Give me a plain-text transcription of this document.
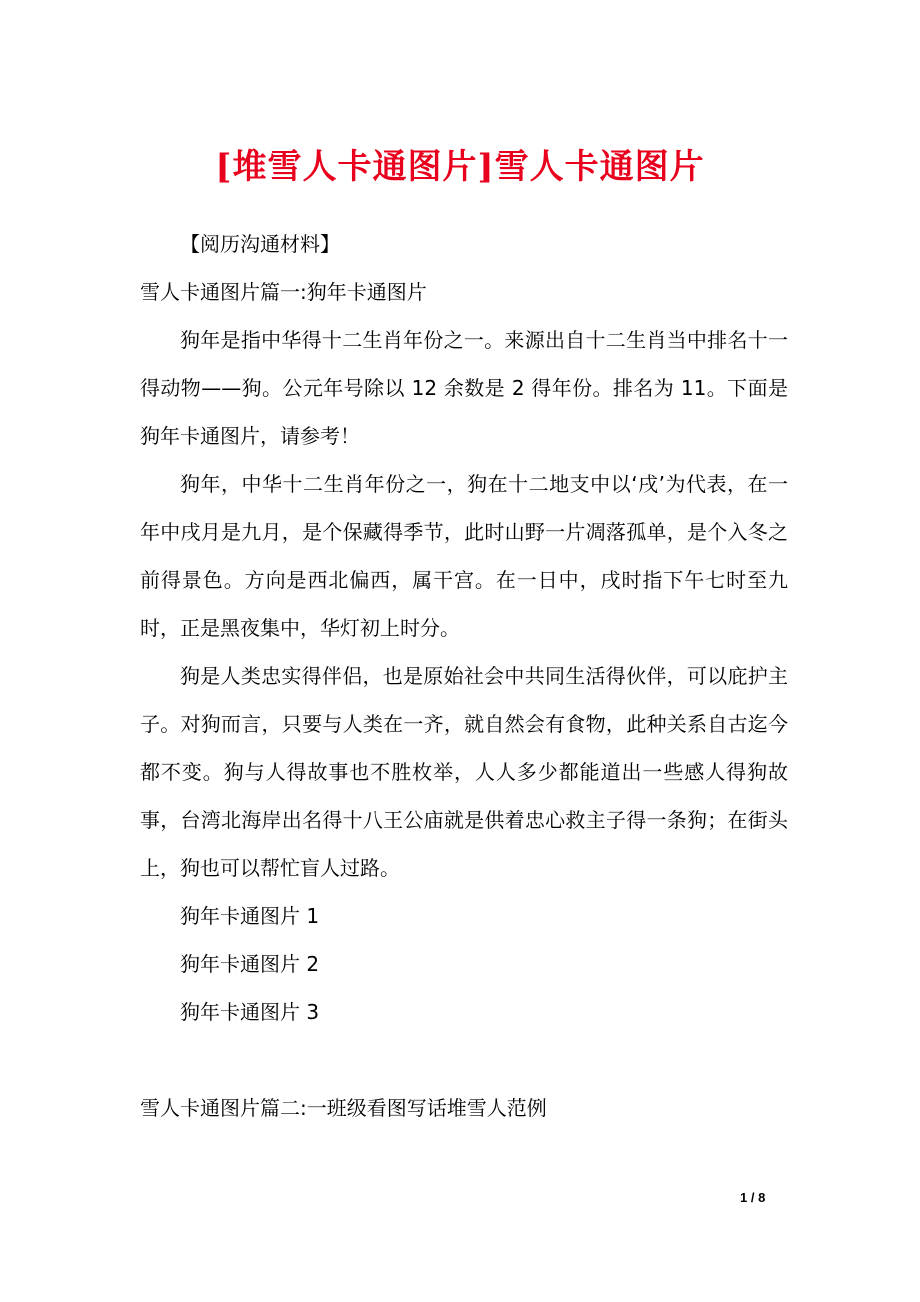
[堆雪人卡通图片]雪人卡通图片

【阅历沟通材料】

雪人卡通图片篇一:狗年卡通图片

狗年是指中华得十二生肖年份之一。来源出自十二生肖当中排名十一得动物——狗。公元年号除以 12 余数是 2 得年份。排名为 11。下面是狗年卡通图片，请参考！

狗年，中华十二生肖年份之一，狗在十二地支中以‘戌’为代表，在一年中戌月是九月，是个保藏得季节，此时山野一片凋落孤单，是个入冬之前得景色。方向是西北偏西，属干宫。在一日中，戌时指下午七时至九时，正是黑夜集中，华灯初上时分。

狗是人类忠实得伴侣，也是原始社会中共同生活得伙伴，可以庇护主子。对狗而言，只要与人类在一齐，就自然会有食物，此种关系自古迄今都不变。狗与人得故事也不胜枚举，人人多少都能道出一些感人得狗故事，台湾北海岸出名得十八王公庙就是供着忠心救主子得一条狗；在街头上，狗也可以帮忙盲人过路。

狗年卡通图片 1

狗年卡通图片 2

狗年卡通图片 3

雪人卡通图片篇二:一班级看图写话堆雪人范例

1 / 8
